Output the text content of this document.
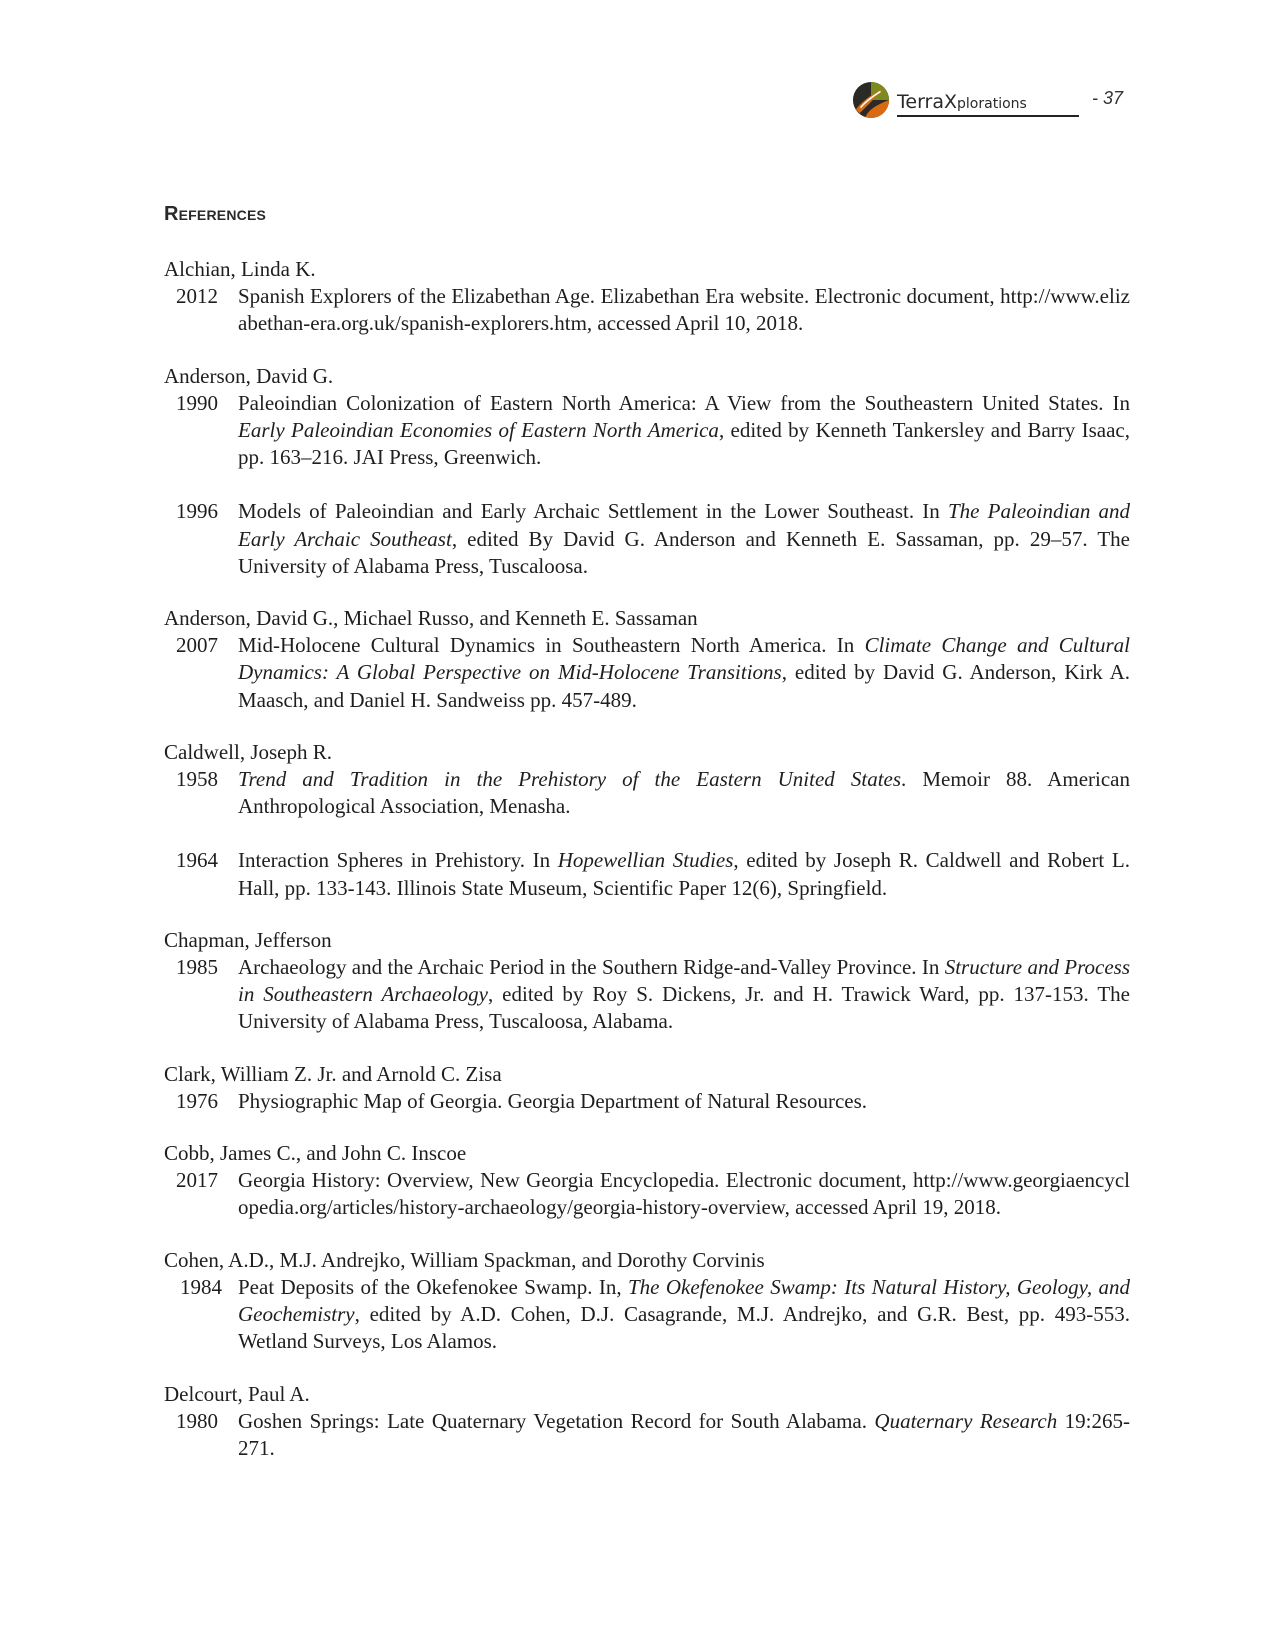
TerraXplorations	- 37
References

Alchian, Linda K.

2012 Spanish Explorers of the Elizabethan Age. Elizabethan Era website. Electronic document, http://www.elizabethan-era.org.uk/spanish-explorers.htm, accessed April 10, 2018.

Anderson, David G.

1990 Paleoindian Colonization of Eastern North America: A View from the Southeastern United States. In Early Paleoindian Economies of Eastern North America, edited by Kenneth Tankersley and Barry Isaac, pp. 163–216. JAI Press, Greenwich.

1996 Models of Paleoindian and Early Archaic Settlement in the Lower Southeast. In The Paleoindian and Early Archaic Southeast, edited By David G. Anderson and Kenneth E. Sassaman, pp. 29–57. The University of Alabama Press, Tuscaloosa.

Anderson, David G., Michael Russo, and Kenneth E. Sassaman

2007 Mid-Holocene Cultural Dynamics in Southeastern North America. In Climate Change and Cultural Dynamics: A Global Perspective on Mid-Holocene Transitions, edited by David G. Anderson, Kirk A. Maasch, and Daniel H. Sandweiss pp. 457-489.

Caldwell, Joseph R.

1958 Trend and Tradition in the Prehistory of the Eastern United States. Memoir 88. American Anthropological Association, Menasha.

1964 Interaction Spheres in Prehistory. In Hopewellian Studies, edited by Joseph R. Caldwell and Robert L. Hall, pp. 133-143. Illinois State Museum, Scientific Paper 12(6), Springfield.

Chapman, Jefferson

1985 Archaeology and the Archaic Period in the Southern Ridge-and-Valley Province. In Structure and Process in Southeastern Archaeology, edited by Roy S. Dickens, Jr. and H. Trawick Ward, pp. 137-153. The University of Alabama Press, Tuscaloosa, Alabama.

Clark, William Z. Jr. and Arnold C. Zisa

1976 Physiographic Map of Georgia. Georgia Department of Natural Resources.

Cobb, James C., and John C. Inscoe

2017 Georgia History: Overview, New Georgia Encyclopedia. Electronic document, http://www.georgiaencyclopedia.org/articles/history-archaeology/georgia-history-overview, accessed April 19, 2018.

Cohen, A.D., M.J. Andrejko, William Spackman, and Dorothy Corvinis

1984 Peat Deposits of the Okefenokee Swamp. In, The Okefenokee Swamp: Its Natural History, Geology, and Geochemistry, edited by A.D. Cohen, D.J. Casagrande, M.J. Andrejko, and G.R. Best, pp. 493-553. Wetland Surveys, Los Alamos.

Delcourt, Paul A.

1980 Goshen Springs: Late Quaternary Vegetation Record for South Alabama. Quaternary Research 19:265-271.
